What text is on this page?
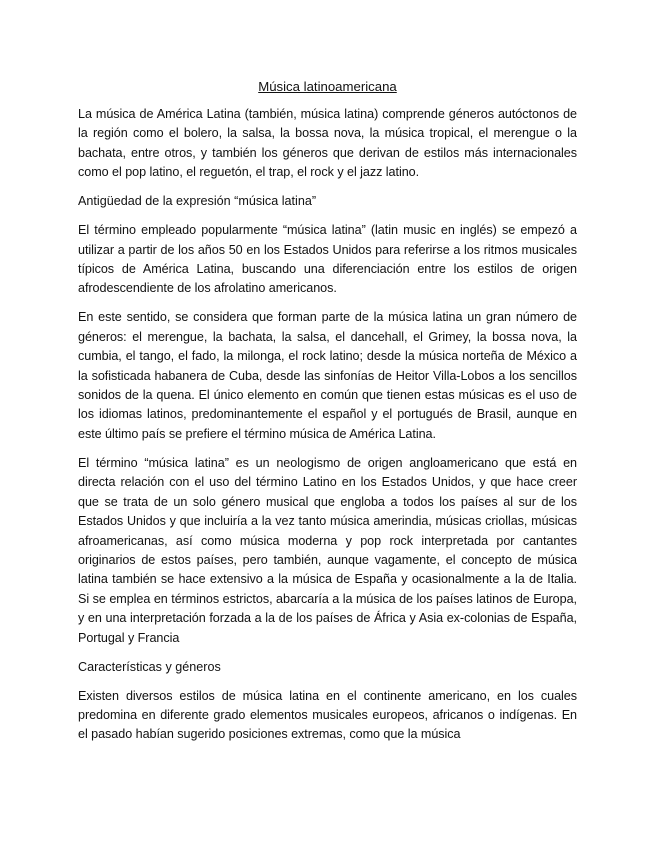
Música latinoamericana

La música de América Latina (también, música latina) comprende géneros autóctonos de la región como el bolero, la salsa, la bossa nova, la música tropical, el merengue o la bachata, entre otros, y también los géneros que derivan de estilos más internacionales como el pop latino, el reguetón, el trap, el rock y el jazz latino.

Antigüedad de la expresión “música latina”

El término empleado popularmente “música latina” (latin music en inglés) se empezó a utilizar a partir de los años 50 en los Estados Unidos para referirse a los ritmos musicales típicos de América Latina, buscando una diferenciación entre los estilos de origen afrodescendiente de los afrolatino americanos.

En este sentido, se considera que forman parte de la música latina un gran número de géneros: el merengue, la bachata, la salsa, el dancehall, el Grimey, la bossa nova, la cumbia, el tango, el fado, la milonga, el rock latino; desde la música norteña de México a la sofisticada habanera de Cuba, desde las sinfonías de Heitor Villa-Lobos a los sencillos sonidos de la quena. El único elemento en común que tienen estas músicas es el uso de los idiomas latinos, predominantemente el español y el portugués de Brasil, aunque en este último país se prefiere el término música de América Latina.

El término “música latina” es un neologismo de origen angloamericano que está en directa relación con el uso del término Latino en los Estados Unidos, y que hace creer que se trata de un solo género musical que engloba a todos los países al sur de los Estados Unidos y que incluiría a la vez tanto música amerindia, músicas criollas, músicas afroamericanas, así como música moderna y pop rock interpretada por cantantes originarios de estos países, pero también, aunque vagamente, el concepto de música latina también se hace extensivo a la música de España y ocasionalmente a la de Italia. Si se emplea en términos estrictos, abarcaría a la música de los países latinos de Europa, y en una interpretación forzada a la de los países de África y Asia ex-colonias de España, Portugal y Francia

Características y géneros

Existen diversos estilos de música latina en el continente americano, en los cuales predomina en diferente grado elementos musicales europeos, africanos o indígenas. En el pasado habían sugerido posiciones extremas, como que la música
